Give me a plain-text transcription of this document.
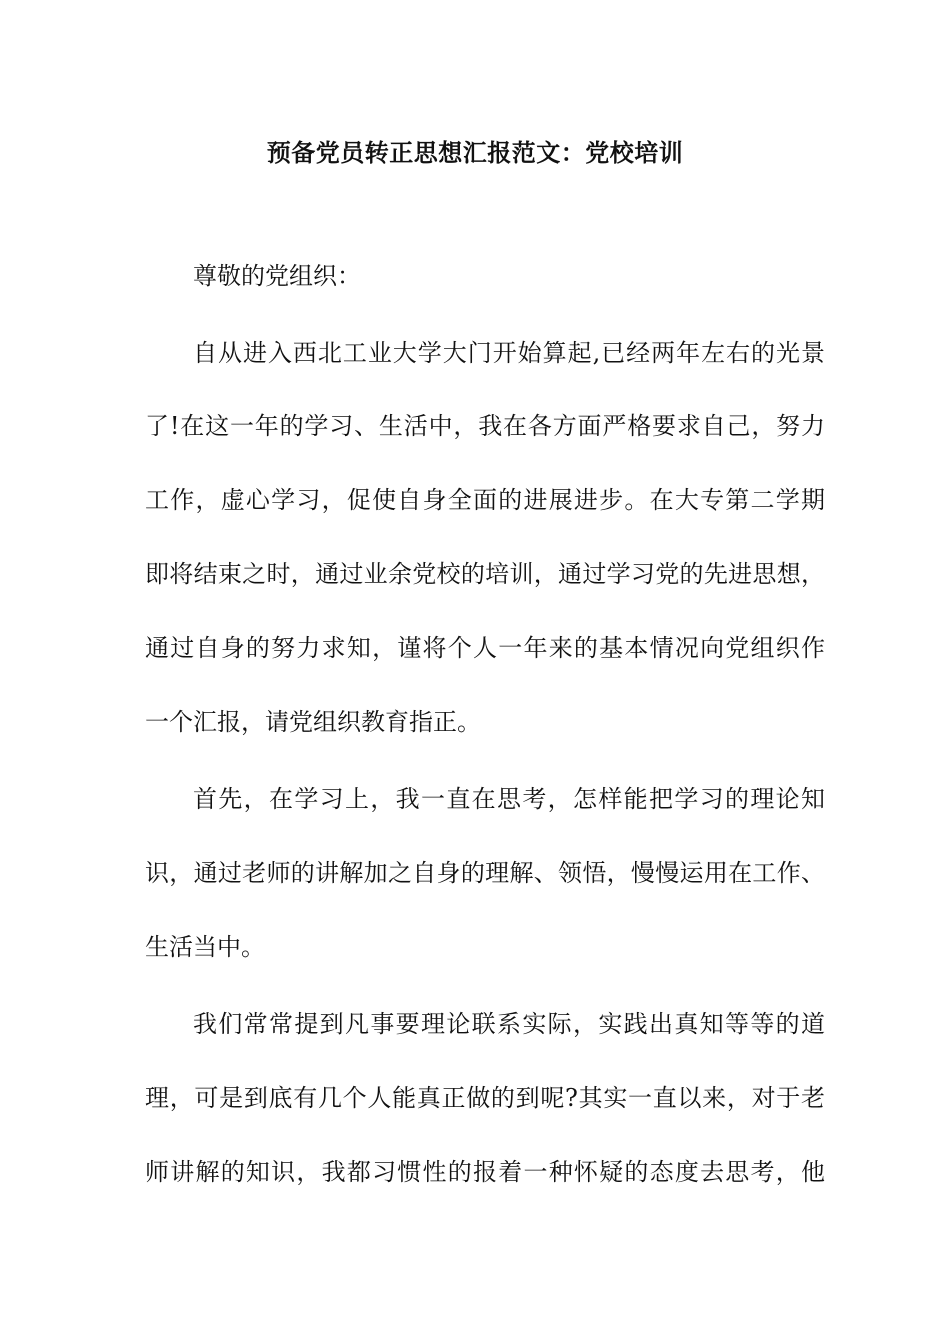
预备党员转正思想汇报范文：党校培训
尊敬的党组织：
自从进入西北工业大学大门开始算起,已经两年左右的光景
了!在这一年的学习、生活中，我在各方面严格要求自己，努力
工作，虚心学习，促使自身全面的进展进步。在大专第二学期
即将结束之时，通过业余党校的培训，通过学习党的先进思想，
通过自身的努力求知，谨将个人一年来的基本情况向党组织作
一个汇报，请党组织教育指正。
首先，在学习上，我一直在思考，怎样能把学习的理论知
识，通过老师的讲解加之自身的理解、领悟，慢慢运用在工作、
生活当中。
我们常常提到凡事要理论联系实际，实践出真知等等的道
理，可是到底有几个人能真正做的到呢?其实一直以来，对于老
师讲解的知识，我都习惯性的报着一种怀疑的态度去思考，他
